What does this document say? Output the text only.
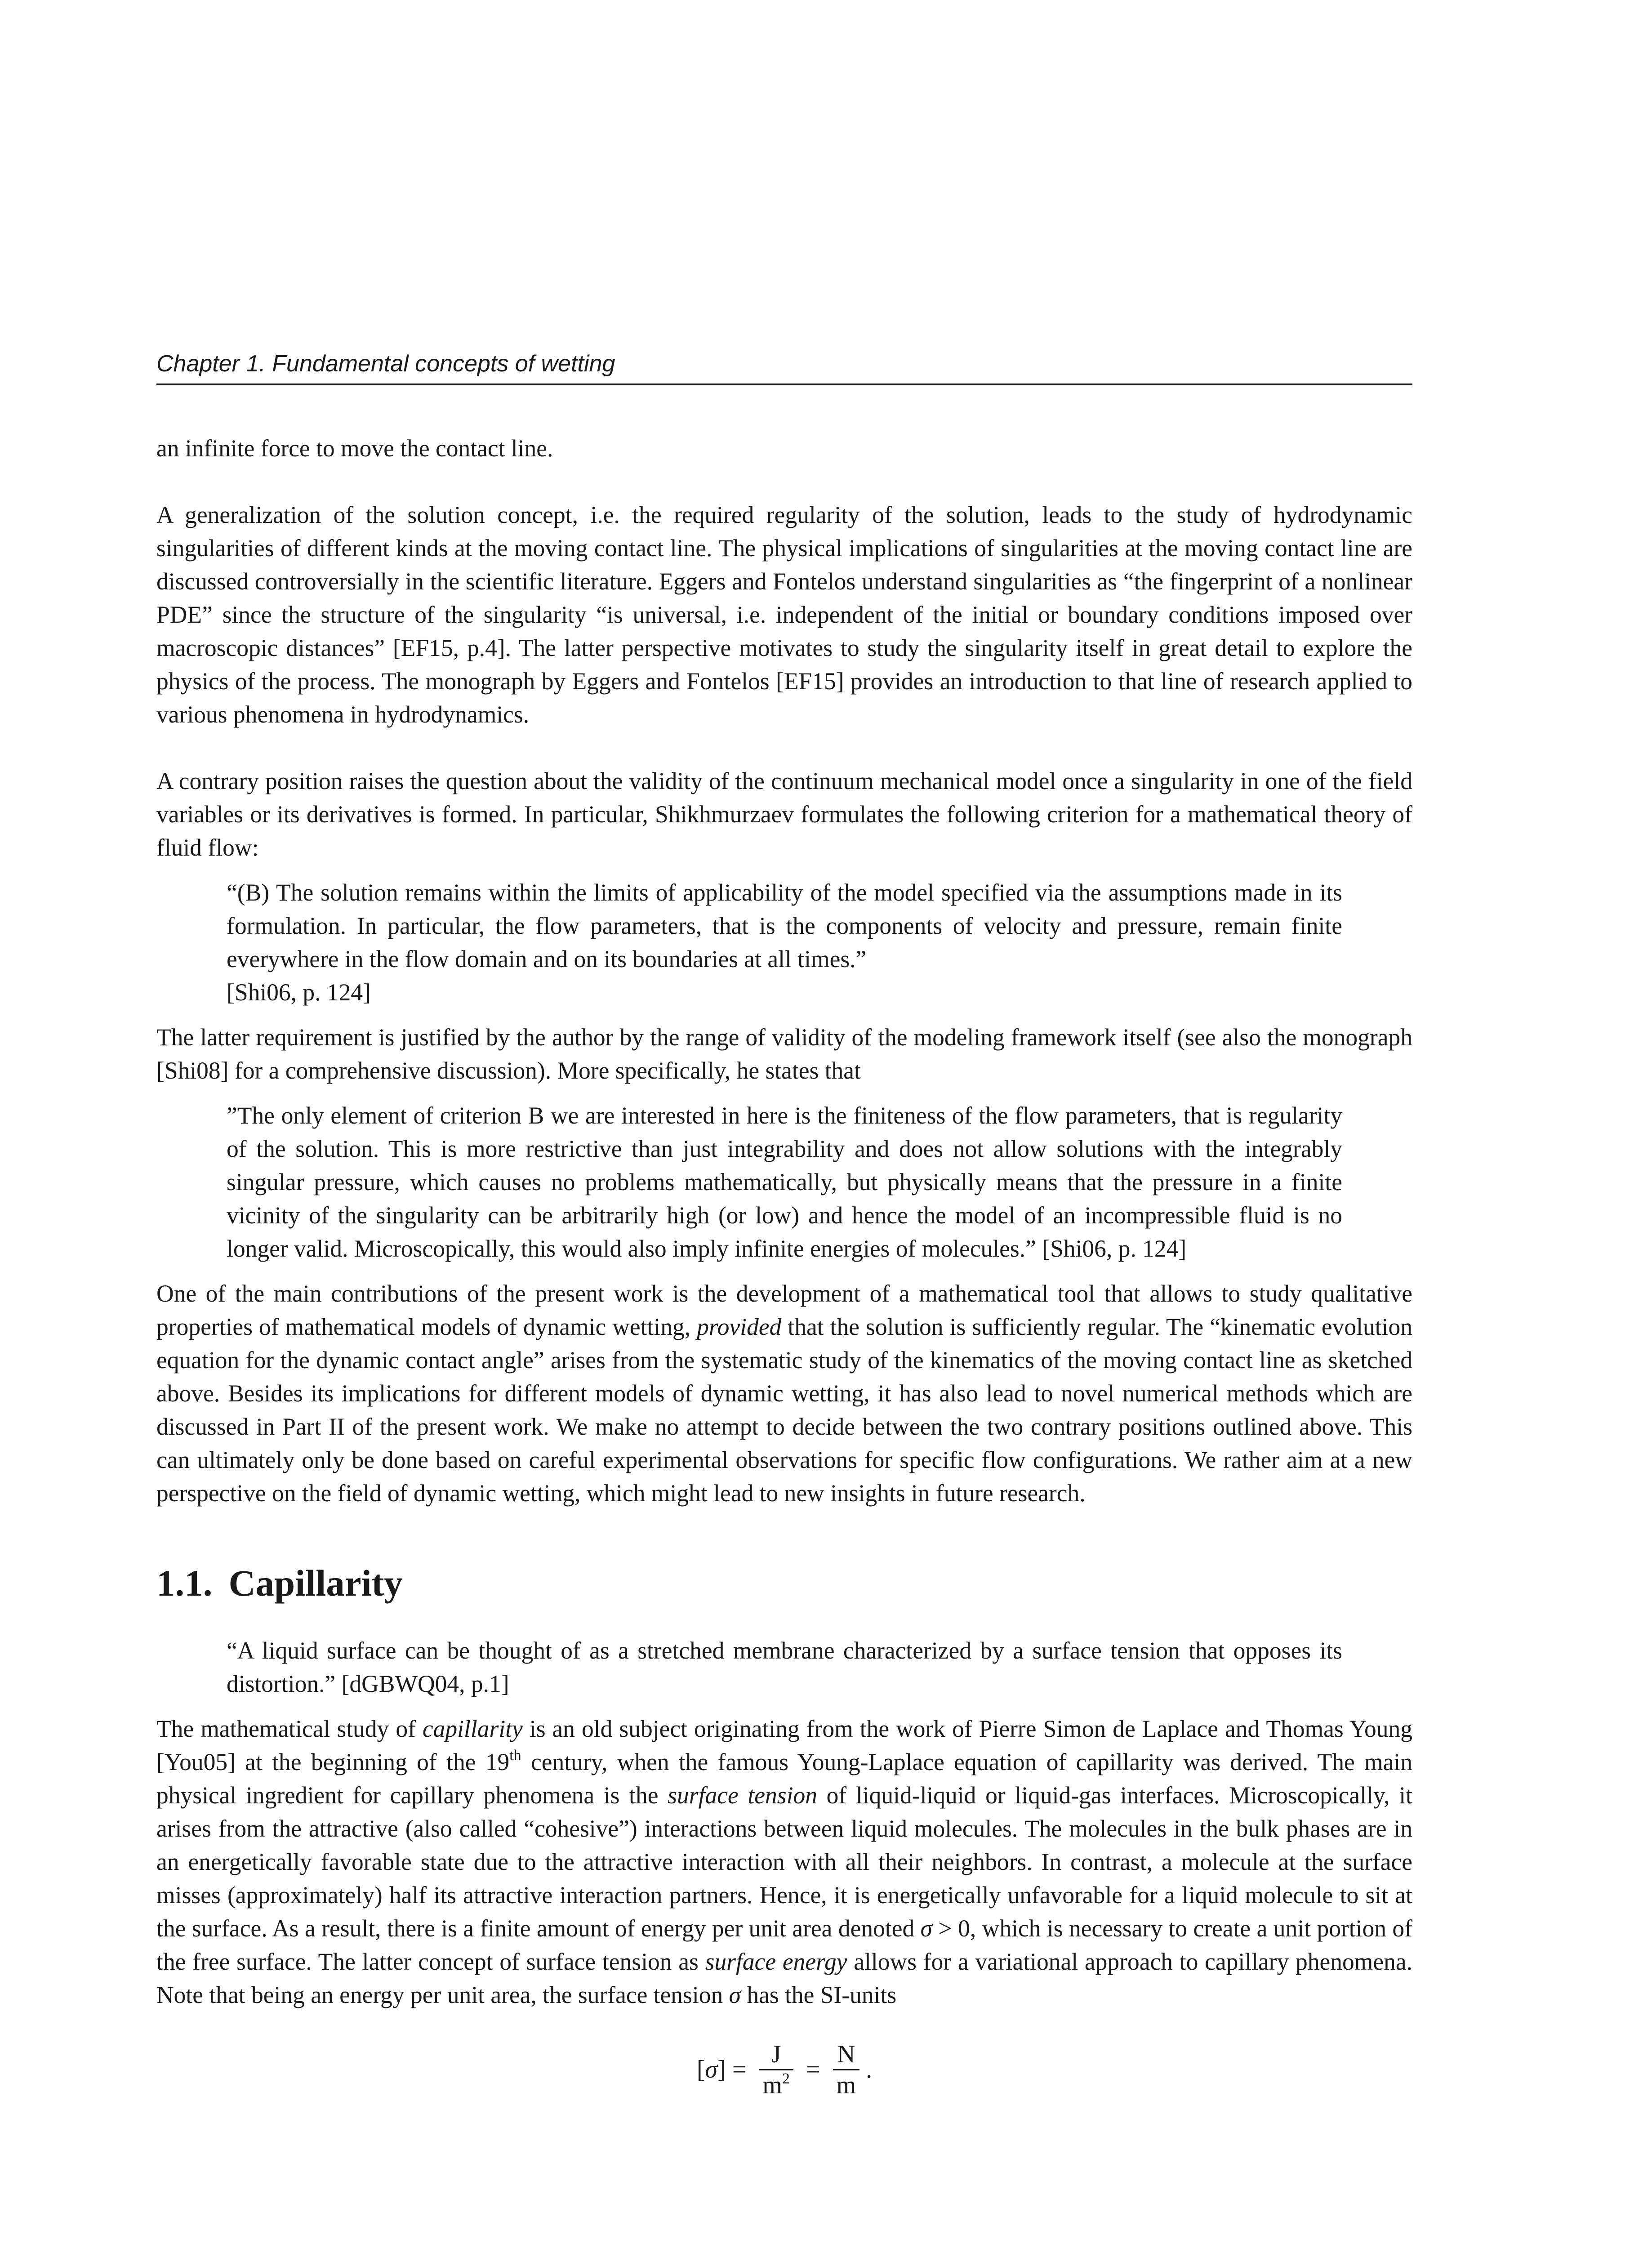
Chapter 1. Fundamental concepts of wetting

an infinite force to move the contact line.

A generalization of the solution concept, i.e. the required regularity of the solution, leads to the study of hydrodynamic singularities of different kinds at the moving contact line. The physical implications of singularities at the moving contact line are discussed controversially in the scientific literature. Eggers and Fontelos understand singularities as “the fingerprint of a nonlinear PDE” since the structure of the singularity “is universal, i.e. independent of the initial or boundary conditions imposed over macroscopic distances” [EF15, p.4]. The latter perspective motivates to study the singularity itself in great detail to explore the physics of the process. The monograph by Eggers and Fontelos [EF15] provides an introduction to that line of research applied to various phenomena in hydrodynamics.

A contrary position raises the question about the validity of the continuum mechanical model once a singularity in one of the field variables or its derivatives is formed. In particular, Shikhmurzaev formulates the following criterion for a mathematical theory of fluid flow:

“(B) The solution remains within the limits of applicability of the model specified via the assumptions made in its formulation. In particular, the flow parameters, that is the components of velocity and pressure, remain finite everywhere in the flow domain and on its boundaries at all times.”
[Shi06, p. 124]

The latter requirement is justified by the author by the range of validity of the modeling framework itself (see also the monograph [Shi08] for a comprehensive discussion). More specifically, he states that

”The only element of criterion B we are interested in here is the finiteness of the flow parameters, that is regularity of the solution. This is more restrictive than just integrability and does not allow solutions with the integrably singular pressure, which causes no problems mathematically, but physically means that the pressure in a finite vicinity of the singularity can be arbitrarily high (or low) and hence the model of an incompressible fluid is no longer valid. Microscopically, this would also imply infinite energies of molecules.” [Shi06, p. 124]

One of the main contributions of the present work is the development of a mathematical tool that allows to study qualitative properties of mathematical models of dynamic wetting, provided that the solution is sufficiently regular. The “kinematic evolution equation for the dynamic contact angle” arises from the systematic study of the kinematics of the moving contact line as sketched above. Besides its implications for different models of dynamic wetting, it has also lead to novel numerical methods which are discussed in Part II of the present work. We make no attempt to decide between the two contrary positions outlined above. This can ultimately only be done based on careful experimental observations for specific flow configurations. We rather aim at a new perspective on the field of dynamic wetting, which might lead to new insights in future research.

1.1. Capillarity
“A liquid surface can be thought of as a stretched membrane characterized by a surface tension that opposes its distortion.” [dGBWQ04, p.1]

The mathematical study of capillarity is an old subject originating from the work of Pierre Simon de Laplace and Thomas Young [You05] at the beginning of the 19th century, when the famous Young-Laplace equation of capillarity was derived. The main physical ingredient for capillary phenomena is the surface tension of liquid-liquid or liquid-gas interfaces. Microscopically, it arises from the attractive (also called “cohesive”) interactions between liquid molecules. The molecules in the bulk phases are in an energetically favorable state due to the attractive interaction with all their neighbors. In contrast, a molecule at the surface misses (approximately) half its attractive interaction partners. Hence, it is energetically unfavorable for a liquid molecule to sit at the surface. As a result, there is a finite amount of energy per unit area denoted σ > 0, which is necessary to create a unit portion of the free surface. The latter concept of surface tension as surface energy allows for a variational approach to capillary phenomena. Note that being an energy per unit area, the surface tension σ has the SI-units

$[\sigma] = \frac{J}{m^2} = \frac{N}{m}$ .
